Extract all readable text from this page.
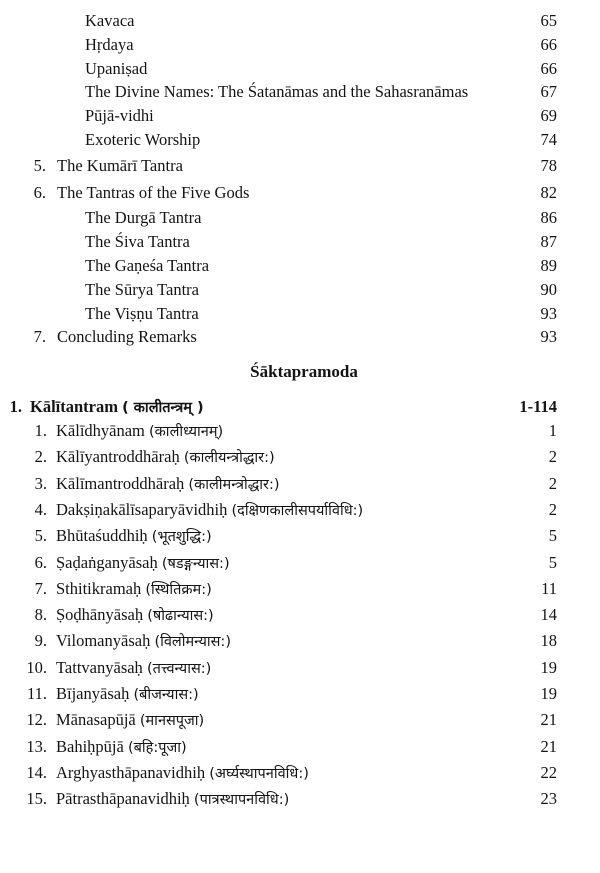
Kavaca	65
Hṛdaya	66
Upaniṣad	66
The Divine Names: The Śatanāmas and the Sahasranāmas	67
Pūjā-vidhi	69
Exoteric Worship	74
5. The Kumārī Tantra	78
6. The Tantras of the Five Gods	82
The Durgā Tantra	86
The Śiva Tantra	87
The Gaṇeśa Tantra	89
The Sūrya Tantra	90
The Viṣṇu Tantra	93
7. Concluding Remarks	93
Śāktapramoda
1. Kālītantram ( कालीतन्त्रम् )	1-114
1. Kālīdhyānam (कालीध्यानम्)	1
2. Kālīyantroddhāraḥ (कालीयन्त्रोद्धार:)	2
3. Kālīmantroddhāraḥ (कालीमन्त्रोद्धार:)	2
4. Dakṣiṇakālīsaparyāvidhiḥ (दक्षिणकालीसपर्याविधि:)	2
5. Bhūtaśuddhiḥ (भूतशुद्धि:)	5
6. Ṣaḍaṅganyāsaḥ (षडङ्गन्यास:)	5
7. Sthitikramaḥ (स्थितिक्रम:)	11
8. Ṣoḍhānyāsaḥ (षोढान्यास:)	14
9. Vilomanyāsaḥ (विलोमन्यास:)	18
10. Tattvanyāsaḥ (तत्त्वन्यास:)	19
11. Bījanyāsaḥ (बीजन्यास:)	19
12. Mānasapūjā (मानसपूजा)	21
13. Bahiḥpūjā (बहि:पूजा)	21
14. Arghyasthāpanavidhiḥ (अर्घ्यस्थापनविधि:)	22
15. Pātrasthāpanavidhiḥ (पात्रस्थापनविधि:)	23
